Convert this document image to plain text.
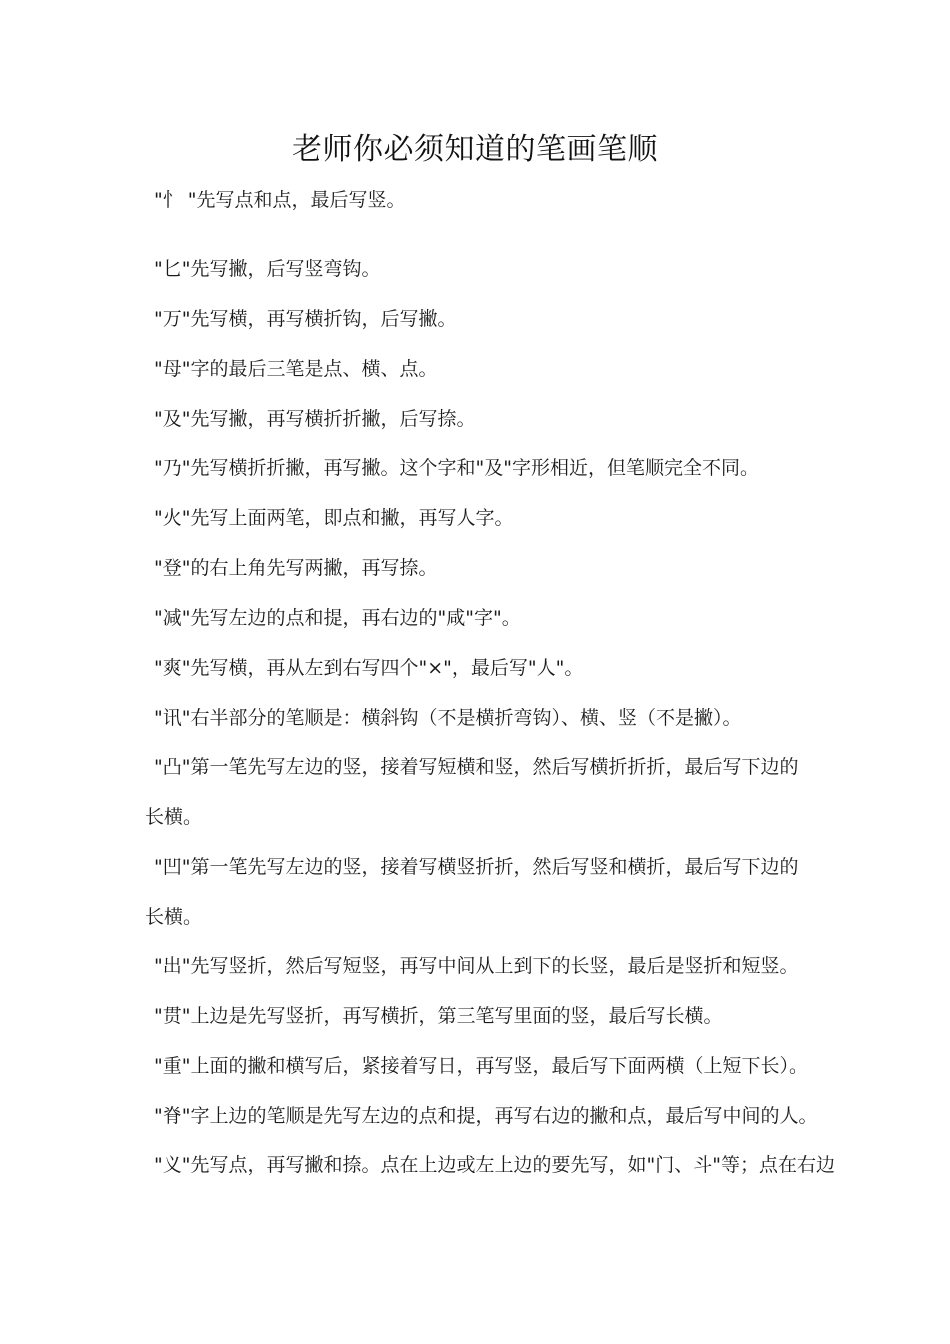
老师你必须知道的笔画笔顺

"忄 "先写点和点，最后写竖。

"匕"先写撇，后写竖弯钩。

"万"先写横，再写横折钩，后写撇。

"母"字的最后三笔是点、横、点。

"及"先写撇，再写横折折撇，后写捺。

"乃"先写横折折撇，再写撇。这个字和"及"字形相近，但笔顺完全不同。

"火"先写上面两笔，即点和撇，再写人字。

"登"的右上角先写两撇，再写捺。

"减"先写左边的点和提，再右边的"咸"字"。

"爽"先写横，再从左到右写四个"×"，最后写"人"。

"讯"右半部分的笔顺是：横斜钩（不是横折弯钩）、横、竖（不是撇）。

"凸"第一笔先写左边的竖，接着写短横和竖，然后写横折折折，最后写下边的长横。

"凹"第一笔先写左边的竖，接着写横竖折折，然后写竖和横折，最后写下边的长横。

"出"先写竖折，然后写短竖，再写中间从上到下的长竖，最后是竖折和短竖。

"贯"上边是先写竖折，再写横折，第三笔写里面的竖，最后写长横。

"重"上面的撇和横写后，紧接着写日，再写竖，最后写下面两横（上短下长）。

"脊"字上边的笔顺是先写左边的点和提，再写右边的撇和点，最后写中间的人。

"义"先写点，再写撇和捺。点在上边或左上边的要先写，如"门、斗"等；点在右边
